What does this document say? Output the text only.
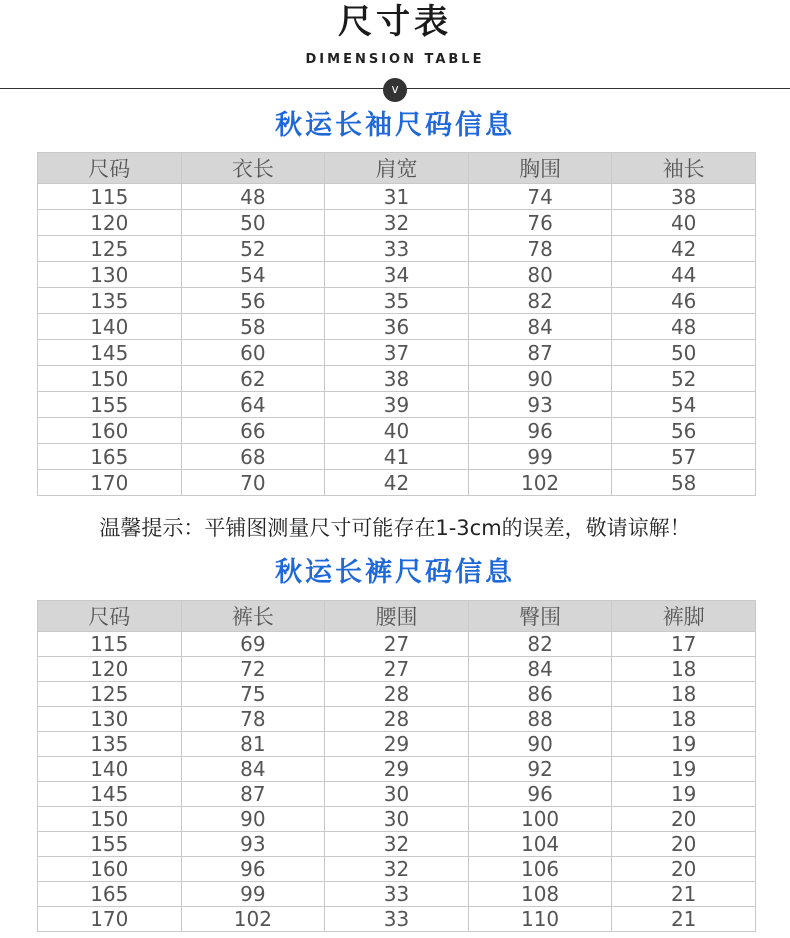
尺寸表
DIMENSION TABLE
v
秋运长袖尺码信息
尺码	衣长	肩宽	胸围	袖长
115	48	31	74	38
120	50	32	76	40
125	52	33	78	42
130	54	34	80	44
135	56	35	82	46
140	58	36	84	48
145	60	37	87	50
150	62	38	90	52
155	64	39	93	54
160	66	40	96	56
165	68	41	99	57
170	70	42	102	58
温馨提示：平铺图测量尺寸可能存在1-3cm的误差，敬请谅解！
秋运长裤尺码信息
尺码	裤长	腰围	臀围	裤脚
115	69	27	82	17
120	72	27	84	18
125	75	28	86	18
130	78	28	88	18
135	81	29	90	19
140	84	29	92	19
145	87	30	96	19
150	90	30	100	20
155	93	32	104	20
160	96	32	106	20
165	99	33	108	21
170	102	33	110	21
